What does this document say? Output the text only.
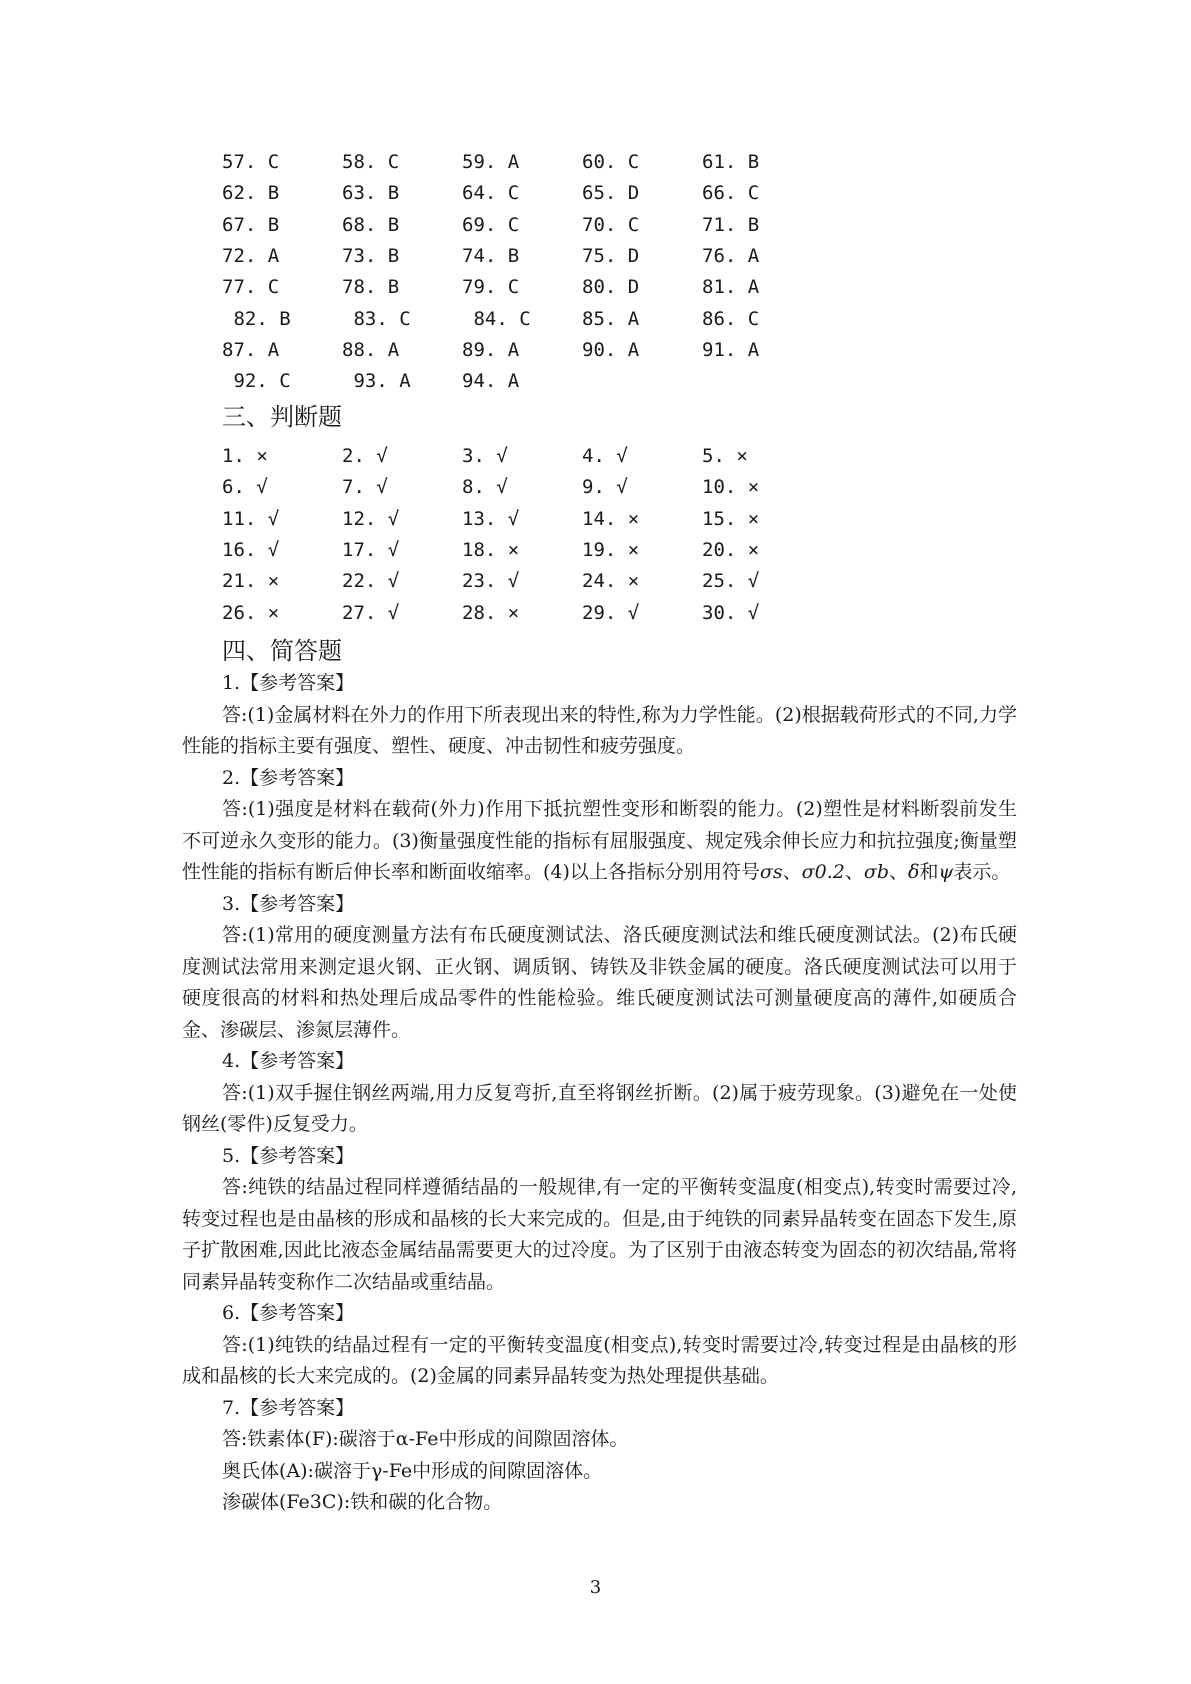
57. C	58. C	59. A	60. C	61. B
62. B	63. B	64. C	65. D	66. C
67. B	68. B	69. C	70. C	71. B
72. A	73. B	74. B	75. D	76. A
77. C	78. B	79. C	80. D	81. A
82. B	83. C	84. C	85. A	86. C
87. A	88. A	89. A	90. A	91. A
92. C	93. A	94. A
三、判断题
1. ×	2. √	3. √	4. √	5. ×
6. √	7. √	8. √	9. √	10. ×
11. √	12. √	13. √	14. ×	15. ×
16. √	17. √	18. ×	19. ×	20. ×
21. ×	22. √	23. √	24. ×	25. √
26. ×	27. √	28. ×	29. √	30. √
四、简答题

1.【参考答案】

答:(1)金属材料在外力的作用下所表现出来的特性,称为力学性能。(2)根据载荷形式的不同,力学性能的指标主要有强度、塑性、硬度、冲击韧性和疲劳强度。

2.【参考答案】

答:(1)强度是材料在载荷(外力)作用下抵抗塑性变形和断裂的能力。(2)塑性是材料断裂前发生不可逆永久变形的能力。(3)衡量强度性能的指标有屈服强度、规定残余伸长应力和抗拉强度;衡量塑性性能的指标有断后伸长率和断面收缩率。(4)以上各指标分别用符号σs、σ0.2、σb、δ和ψ表示。

3.【参考答案】

答:(1)常用的硬度测量方法有布氏硬度测试法、洛氏硬度测试法和维氏硬度测试法。(2)布氏硬度测试法常用来测定退火钢、正火钢、调质钢、铸铁及非铁金属的硬度。洛氏硬度测试法可以用于硬度很高的材料和热处理后成品零件的性能检验。维氏硬度测试法可测量硬度高的薄件,如硬质合金、渗碳层、渗氮层薄件。

4.【参考答案】

答:(1)双手握住钢丝两端,用力反复弯折,直至将钢丝折断。(2)属于疲劳现象。(3)避免在一处使钢丝(零件)反复受力。

5.【参考答案】

答:纯铁的结晶过程同样遵循结晶的一般规律,有一定的平衡转变温度(相变点),转变时需要过冷,转变过程也是由晶核的形成和晶核的长大来完成的。但是,由于纯铁的同素异晶转变在固态下发生,原子扩散困难,因此比液态金属结晶需要更大的过冷度。为了区别于由液态转变为固态的初次结晶,常将同素异晶转变称作二次结晶或重结晶。

6.【参考答案】

答:(1)纯铁的结晶过程有一定的平衡转变温度(相变点),转变时需要过冷,转变过程是由晶核的形成和晶核的长大来完成的。(2)金属的同素异晶转变为热处理提供基础。

7.【参考答案】

答:铁素体(F):碳溶于α-Fe中形成的间隙固溶体。

奥氏体(A):碳溶于γ-Fe中形成的间隙固溶体。

渗碳体(Fe3C):铁和碳的化合物。

3
